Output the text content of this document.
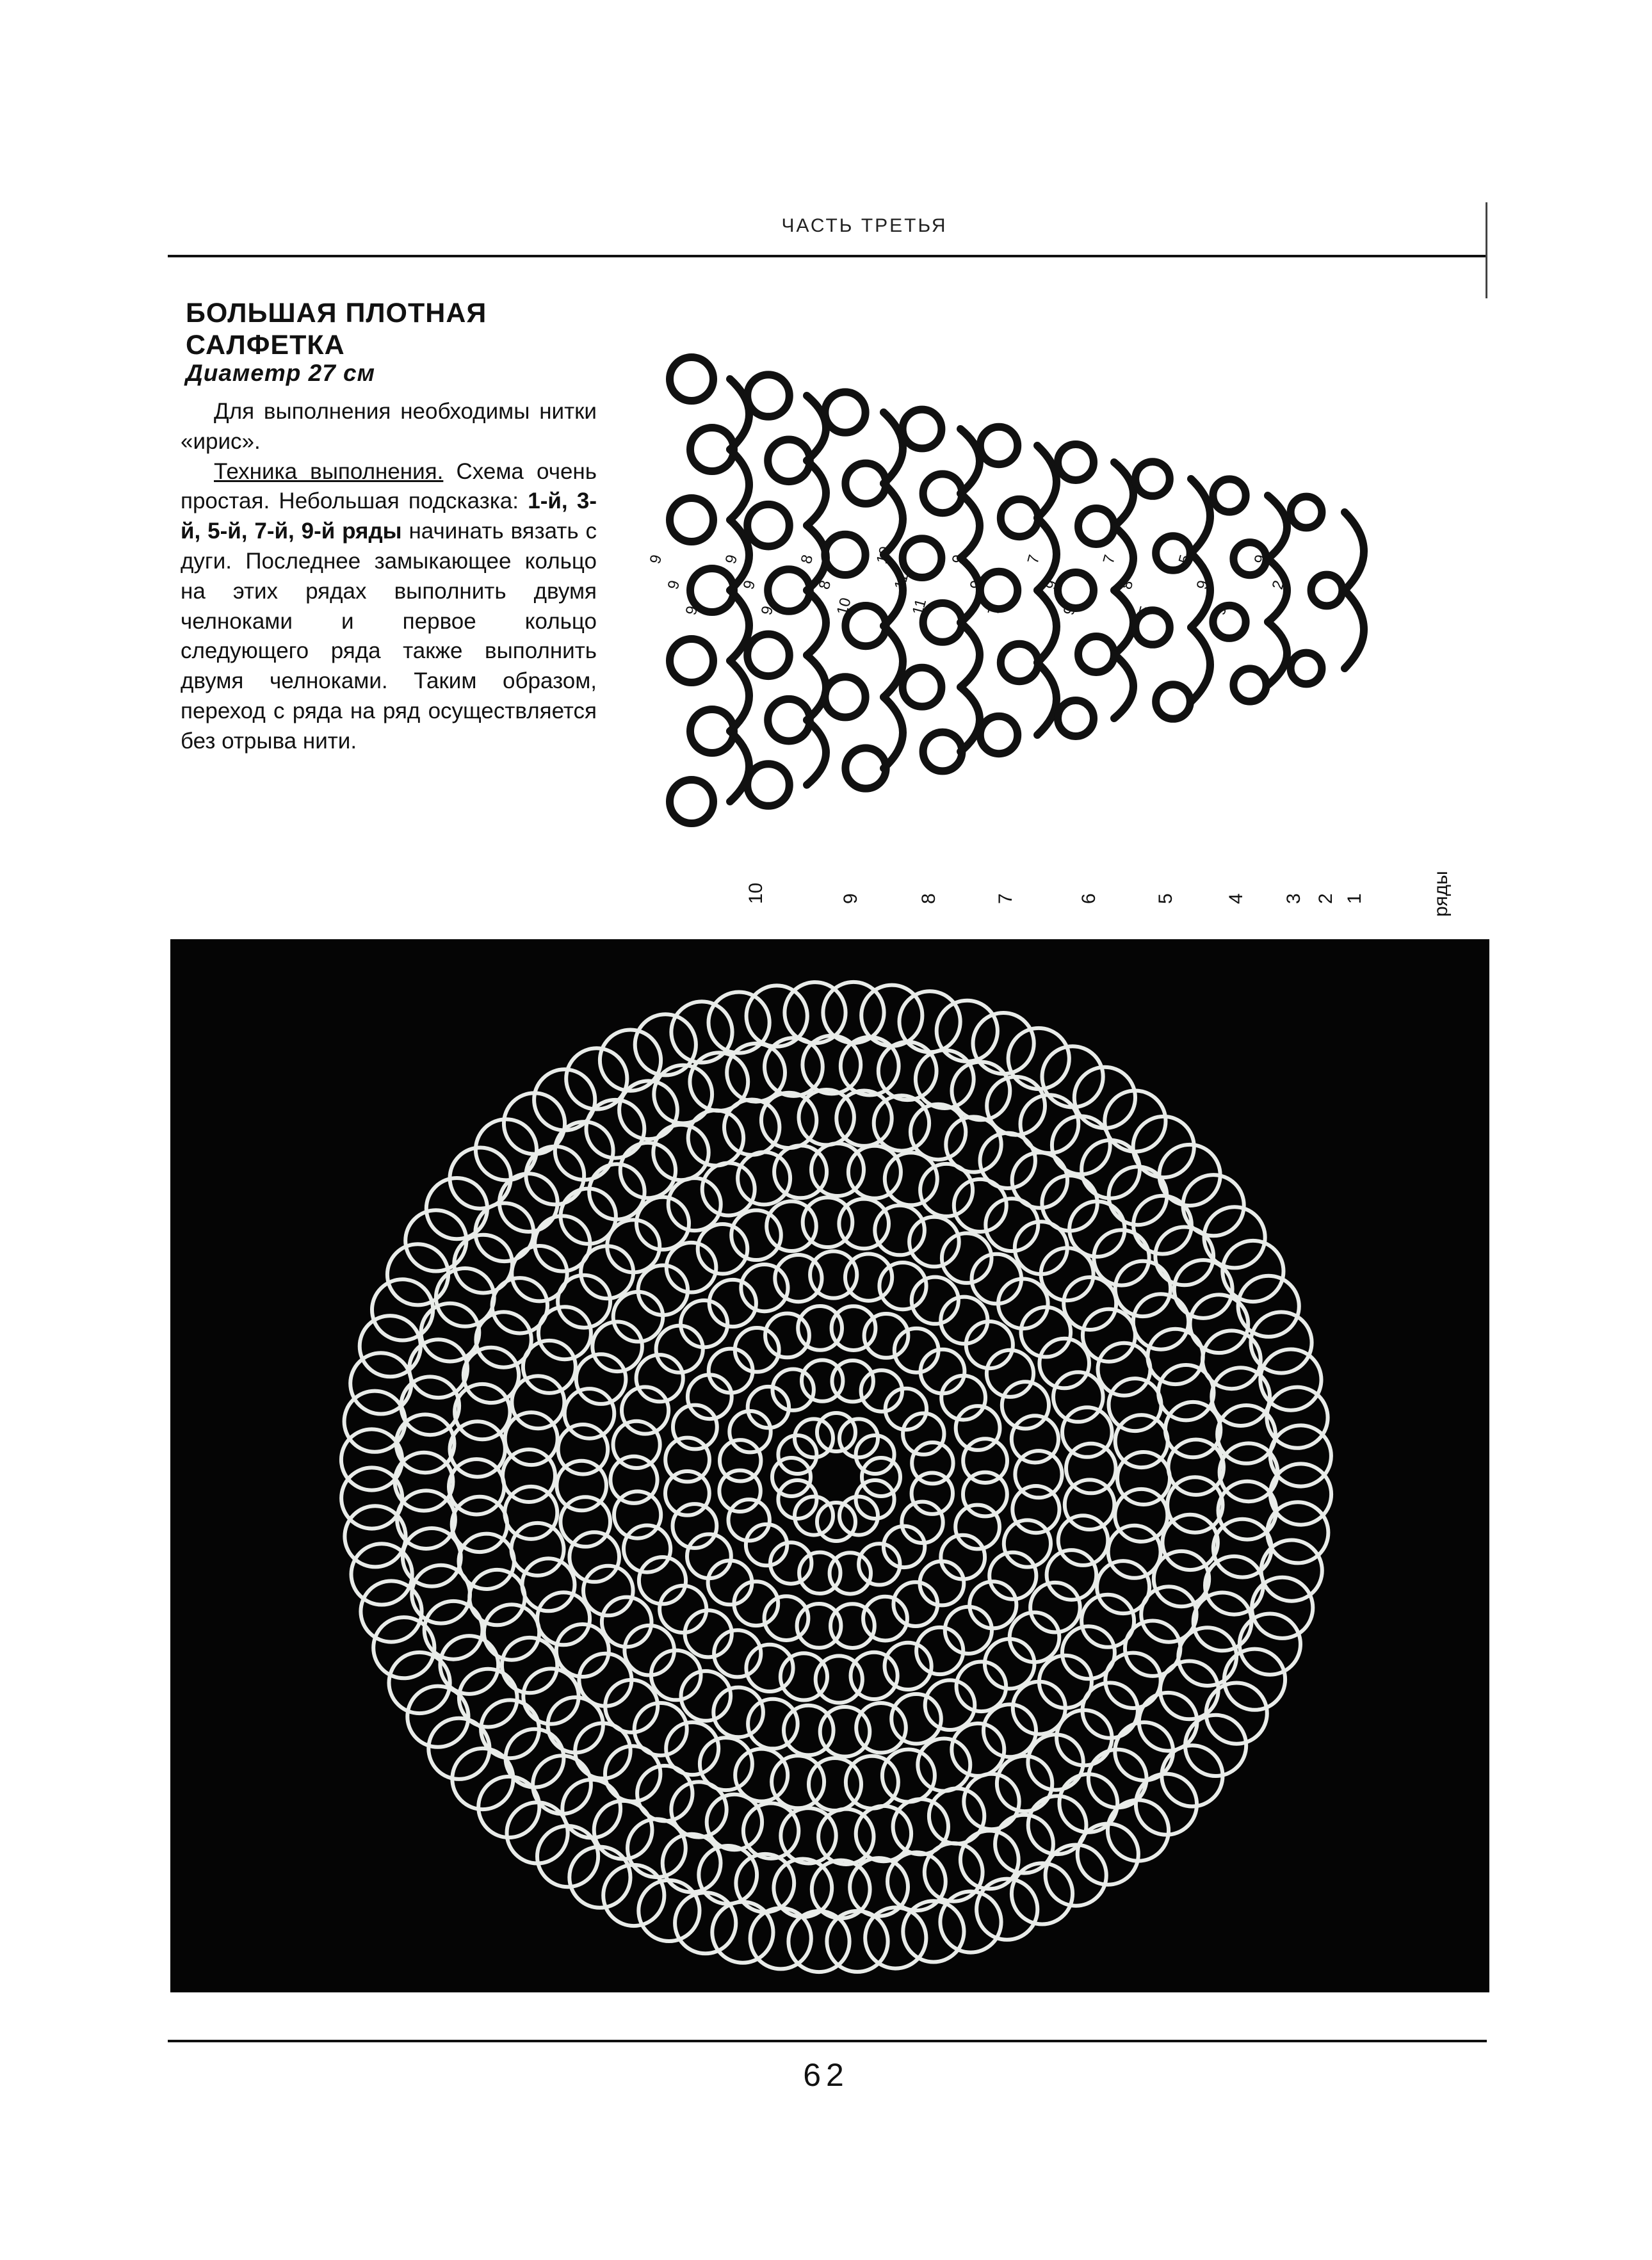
ЧАСТЬ ТРЕТЬЯ
БОЛЬШАЯ ПЛОТНАЯ
САЛФЕТКА
Диаметр 27 см

Для выполнения необходимы нитки «ирис».

Техника выполнения. Схема очень простая. Небольшая подсказка: 1-й, 3-й, 5-й, 7-й, 9-й ряды начинать вязать с дуги. Последнее замыкающее кольцо на этих рядах выполнить двумя челноками и первое кольцо следующего ряда также выполнить двумя челноками. Таким образом, переход с ряда на ряд осуществляется без отрыва нити.

9
9
9
9
9
9
8
8
10
10
11
11
9
9
7
7
9
9
7
8
5
5
9
9
9
2
10	9	8	7	6	5	4 3 2 1	ряды
62
